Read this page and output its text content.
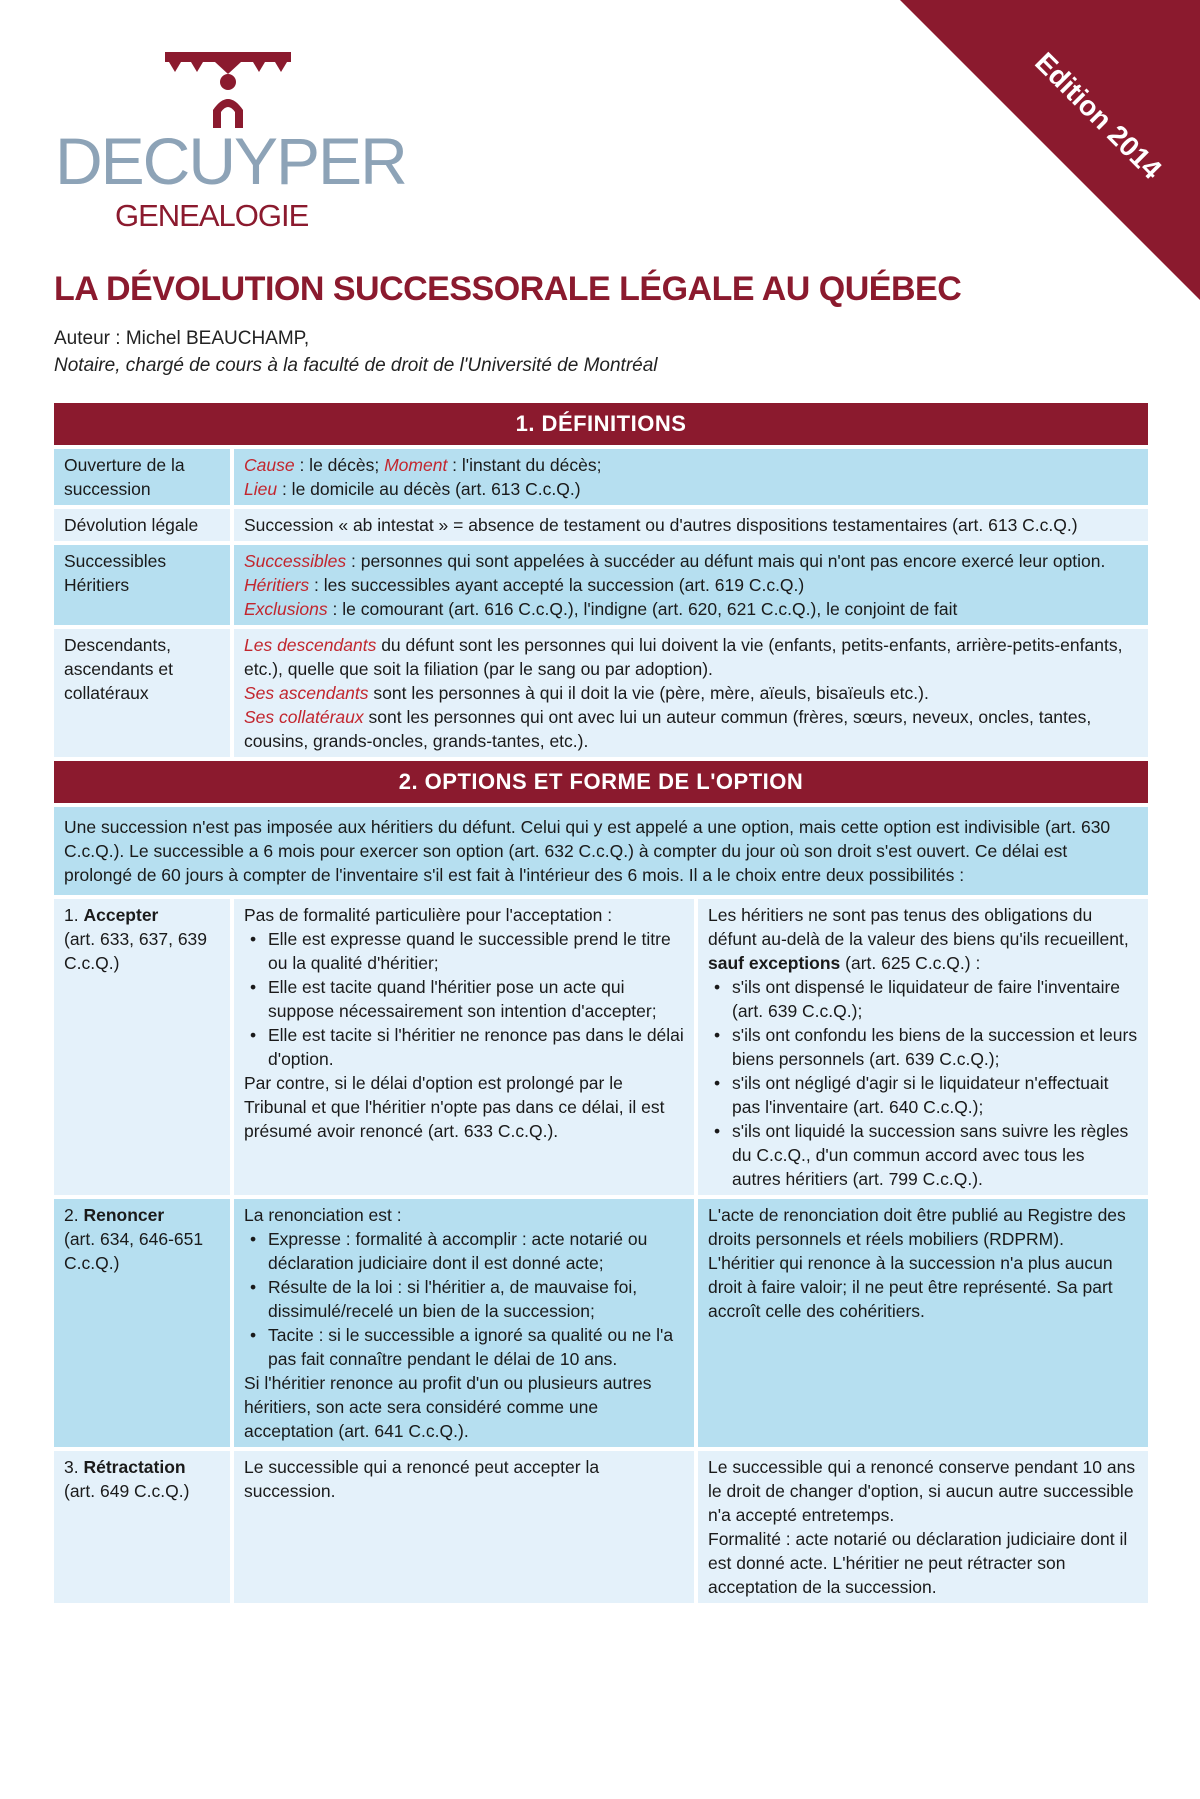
Edition 2014
DECUYPER
GENEALOGIE
LA DÉVOLUTION SUCCESSORALE LÉGALE AU QUÉBEC
Auteur : Michel BEAUCHAMP,
Notaire, chargé de cours à la faculté de droit de l'Université de Montréal
1. DÉFINITIONS
Ouverture de la succession
Cause : le décès; Moment : l'instant du décès;
Lieu : le domicile au décès (art. 613 C.c.Q.)
Dévolution légale	Succession « ab intestat » = absence de testament ou d'autres dispositions testamentaires (art. 613 C.c.Q.)
Successibles Héritiers
Successibles : personnes qui sont appelées à succéder au défunt mais qui n'ont pas encore exercé leur option.
Héritiers : les successibles ayant accepté la succession (art. 619 C.c.Q.)
Exclusions : le comourant (art. 616 C.c.Q.), l'indigne (art. 620, 621 C.c.Q.), le conjoint de fait
Descendants, ascendants et collatéraux
Les descendants du défunt sont les personnes qui lui doivent la vie (enfants, petits-enfants, arrière-petits-enfants, etc.), quelle que soit la filiation (par le sang ou par adoption).
Ses ascendants sont les personnes à qui il doit la vie (père, mère, aïeuls, bisaïeuls etc.).
Ses collatéraux sont les personnes qui ont avec lui un auteur commun (frères, sœurs, neveux, oncles, tantes, cousins, grands-oncles, grands-tantes, etc.).
2. OPTIONS ET FORME DE L'OPTION
Une succession n'est pas imposée aux héritiers du défunt. Celui qui y est appelé a une option, mais cette option est indivisible (art. 630 C.c.Q.). Le successible a 6 mois pour exercer son option (art. 632 C.c.Q.) à compter du jour où son droit s'est ouvert. Ce délai est prolongé de 60 jours à compter de l'inventaire s'il est fait à l'intérieur des 6 mois. Il a le choix entre deux possibilités :
1. Accepter
(art. 633, 637, 639 C.c.Q.)
Pas de formalité particulière pour l'acceptation :
• Elle est expresse quand le successible prend le titre ou la qualité d'héritier;
• Elle est tacite quand l'héritier pose un acte qui suppose nécessairement son intention d'accepter;
• Elle est tacite si l'héritier ne renonce pas dans le délai d'option.
Par contre, si le délai d'option est prolongé par le Tribunal et que l'héritier n'opte pas dans ce délai, il est présumé avoir renoncé (art. 633 C.c.Q.).
Les héritiers ne sont pas tenus des obligations du défunt au-delà de la valeur des biens qu'ils recueillent, sauf exceptions (art. 625 C.c.Q.) :
• s'ils ont dispensé le liquidateur de faire l'inventaire (art. 639 C.c.Q.);
• s'ils ont confondu les biens de la succession et leurs biens personnels (art. 639 C.c.Q.);
• s'ils ont négligé d'agir si le liquidateur n'effectuait pas l'inventaire (art. 640 C.c.Q.);
• s'ils ont liquidé la succession sans suivre les règles du C.c.Q., d'un commun accord avec tous les autres héritiers (art. 799 C.c.Q.).
2. Renoncer
(art. 634, 646-651 C.c.Q.)
La renonciation est :
• Expresse : formalité à accomplir : acte notarié ou déclaration judiciaire dont il est donné acte;
• Résulte de la loi : si l'héritier a, de mauvaise foi, dissimulé/recelé un bien de la succession;
• Tacite : si le successible a ignoré sa qualité ou ne l'a pas fait connaître pendant le délai de 10 ans.
Si l'héritier renonce au profit d'un ou plusieurs autres héritiers, son acte sera considéré comme une acceptation (art. 641 C.c.Q.).
L'acte de renonciation doit être publié au Registre des droits personnels et réels mobiliers (RDPRM).
L'héritier qui renonce à la succession n'a plus aucun droit à faire valoir; il ne peut être représenté. Sa part accroît celle des cohéritiers.
3. Rétractation
(art. 649 C.c.Q.)
Le successible qui a renoncé peut accepter la succession.
Le successible qui a renoncé conserve pendant 10 ans le droit de changer d'option, si aucun autre successible n'a accepté entretemps.
Formalité : acte notarié ou déclaration judiciaire dont il est donné acte. L'héritier ne peut rétracter son acceptation de la succession.
